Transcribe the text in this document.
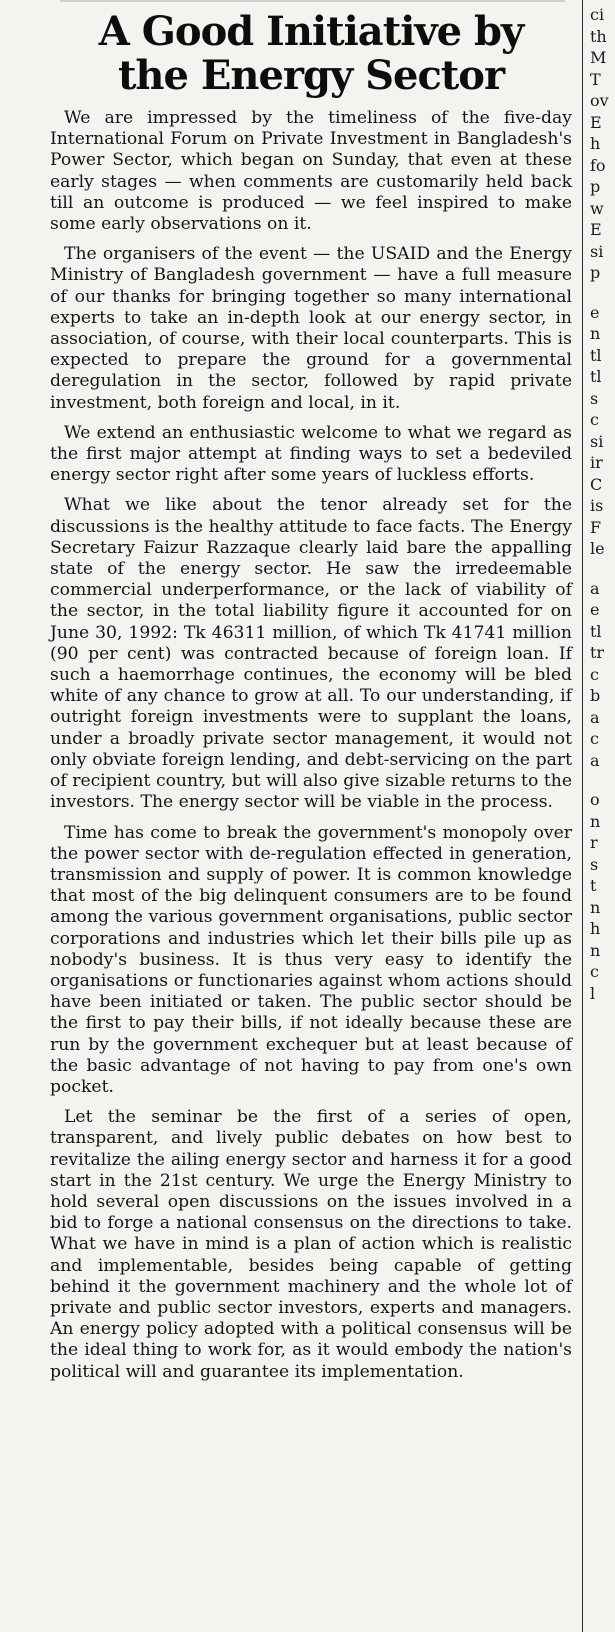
A Good Initiative by
the Energy Sector

We are impressed by the timeliness of the five-day International Forum on Private Investment in Bangladesh's Power Sector, which began on Sunday, that even at these early stages — when comments are customarily held back till an outcome is produced — we feel inspired to make some early observations on it.

The organisers of the event — the USAID and the Energy Ministry of Bangladesh government — have a full measure of our thanks for bringing together so many international experts to take an in-depth look at our energy sector, in association, of course, with their local counterparts. This is expected to prepare the ground for a governmental deregulation in the sector, followed by rapid private investment, both foreign and local, in it.

We extend an enthusiastic welcome to what we regard as the first major attempt at finding ways to set a bedeviled energy sector right after some years of luckless efforts.

What we like about the tenor already set for the discussions is the healthy attitude to face facts. The Energy Secretary Faizur Razzaque clearly laid bare the appalling state of the energy sector. He saw the irredeemable commercial underperformance, or the lack of viability of the sector, in the total liability figure it accounted for on June 30, 1992: Tk 46311 million, of which Tk 41741 million (90 per cent) was contracted because of foreign loan. If such a haemorrhage continues, the economy will be bled white of any chance to grow at all. To our understanding, if outright foreign investments were to supplant the loans, under a broadly private sector management, it would not only obviate foreign lending, and debt-servicing on the part of recipient country, but will also give sizable returns to the investors. The energy sector will be viable in the process.

Time has come to break the government's monopoly over the power sector with de-regulation effected in generation, transmission and supply of power. It is common knowledge that most of the big delinquent consumers are to be found among the various government organisations, public sector corporations and industries which let their bills pile up as nobody's business. It is thus very easy to identify the organisations or functionaries against whom actions should have been initiated or taken. The public sector should be the first to pay their bills, if not ideally because these are run by the government exchequer but at least because of the basic advantage of not having to pay from one's own pocket.

Let the seminar be the first of a series of open, transparent, and lively public debates on how best to revitalize the ailing energy sector and harness it for a good start in the 21st century. We urge the Energy Ministry to hold several open discussions on the issues involved in a bid to forge a national consensus on the directions to take. What we have in mind is a plan of action which is realistic and implementable, besides being capable of getting behind it the government machinery and the whole lot of private and public sector investors, experts and managers. An energy policy adopted with a political consensus will be the ideal thing to work for, as it would embody the nation's political will and guarantee its implementation.

ci
th
M
T
ov
E
h
fo
p
w
E
si
p
e
n
tl
tl
s
c
si
ir
C
is
F
le
a
e
tl
tr
c
b
a
c
a
o
n
r
s
t
n
h
n
c
l
